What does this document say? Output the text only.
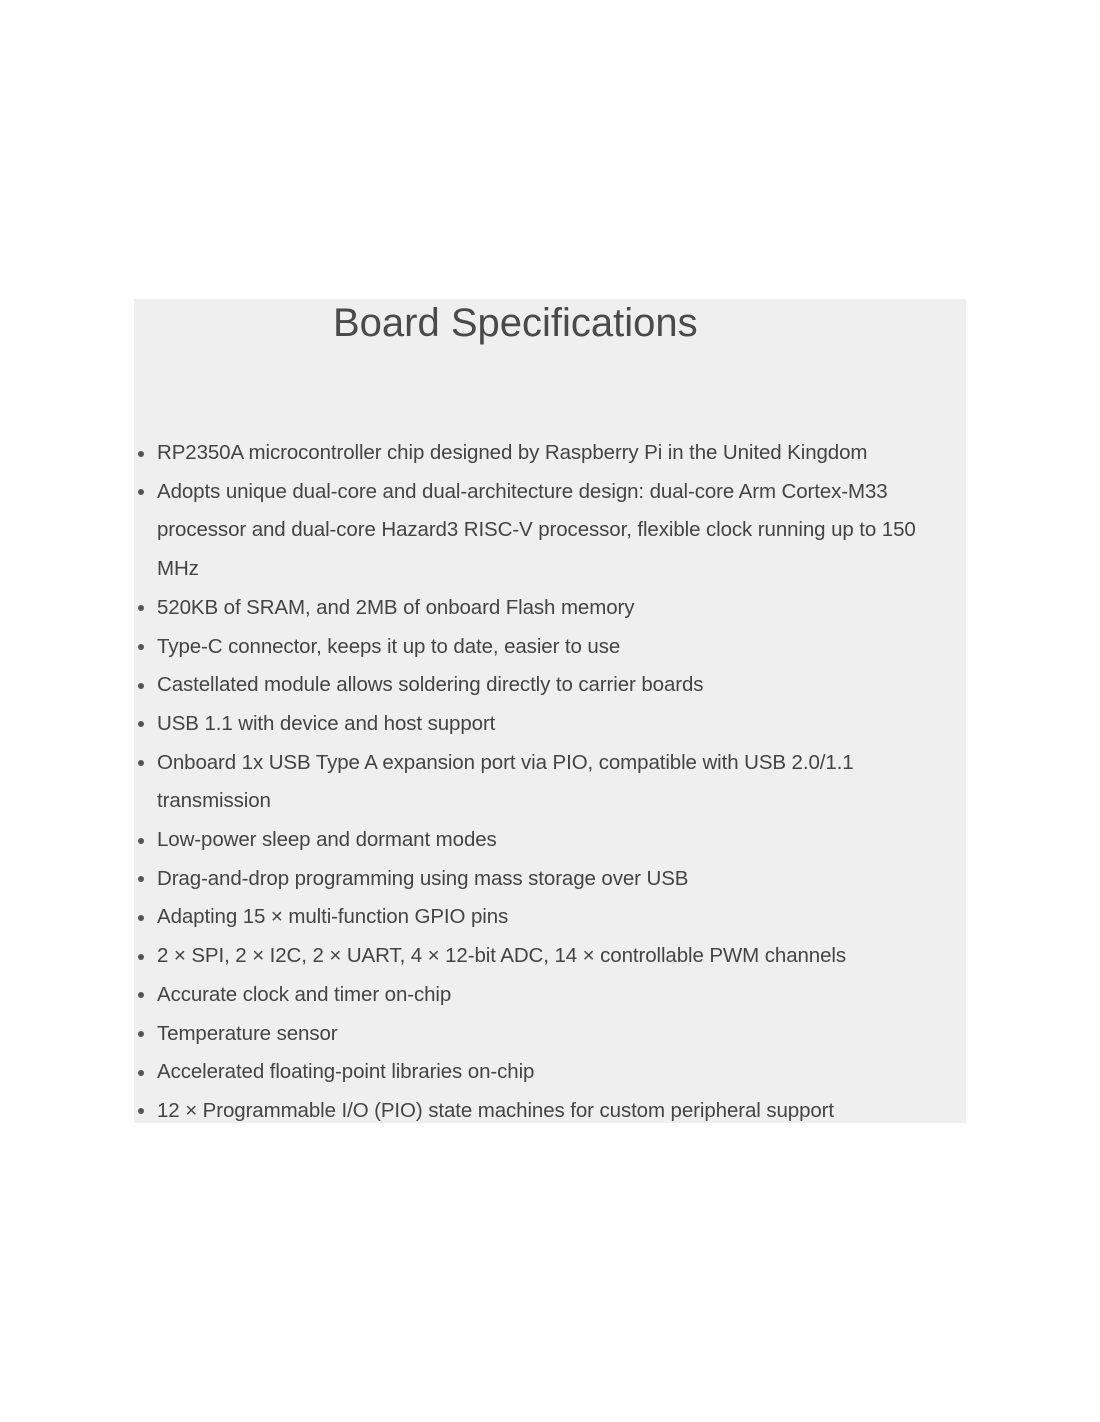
Board Specifications
RP2350A microcontroller chip designed by Raspberry Pi in the United Kingdom
Adopts unique dual-core and dual-architecture design: dual-core Arm Cortex-M33 processor and dual-core Hazard3 RISC-V processor, flexible clock running up to 150 MHz
520KB of SRAM, and 2MB of onboard Flash memory
Type-C connector, keeps it up to date, easier to use
Castellated module allows soldering directly to carrier boards
USB 1.1 with device and host support
Onboard 1x USB Type A expansion port via PIO, compatible with USB 2.0/1.1 transmission
Low-power sleep and dormant modes
Drag-and-drop programming using mass storage over USB
Adapting 15 × multi-function GPIO pins
2 × SPI, 2 × I2C, 2 × UART, 4 × 12-bit ADC, 14 × controllable PWM channels
Accurate clock and timer on-chip
Temperature sensor
Accelerated floating-point libraries on-chip
12 × Programmable I/O (PIO) state machines for custom peripheral support
